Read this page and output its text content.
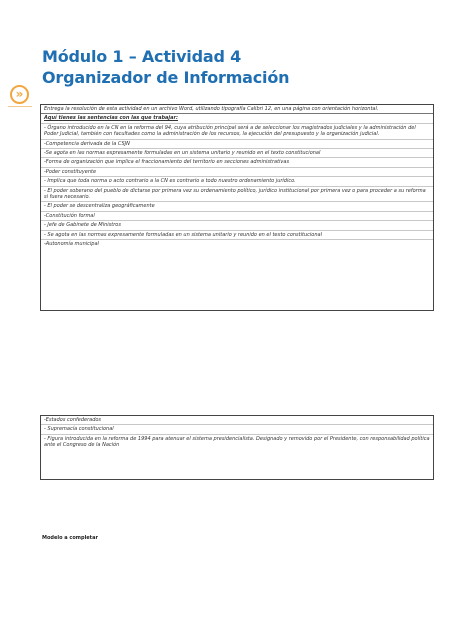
Módulo 1 – Actividad 4
Organizador de Información
»
Entrega la resolución de esta actividad en un archivo Word, utilizando tipografía Calibri 12, en una página con orientación horizontal.
Aquí tienes las sentencias con las que trabajar:
- Órgano introducido en la CN en la reforma del 94, cuya atribución principal será a de seleccionar los magistrados judiciales y la administración del Poder Judicial, también con facultades como la administración de los recursos, la ejecución del presupuesto y la organización judicial.
-Competencia derivada de la CSJN
-Se agota en las normas expresamente formuladas en un sistema unitario y reunido en el texto constitucional
-Forma de organización que implica el fraccionamiento del territorio en secciones administrativas
-Poder constituyente
- Implica que toda norma o acto contrario a la CN es contrario a todo nuestro ordenamiento jurídico.
- El poder soberano del pueblo de dictarse por primera vez su ordenamiento político, jurídico institucional por primera vez o para proceder a su reforma si fuera necesario.
- El poder se descentraliza geográficamente
-Constitución formal
- Jefe de Gabinete de Ministros
- Se agota en las normas expresamente formuladas en un sistema unitario y reunido en el texto constitucional
-Autonomía municipal
-Estados confederados
- Supremacía constitucional
- Figura introducida en la reforma de 1994 para atenuar el sistema presidencialista. Designado y removido por el Presidente, con responsabilidad política ante el Congreso de la Nación
Modelo a completar
